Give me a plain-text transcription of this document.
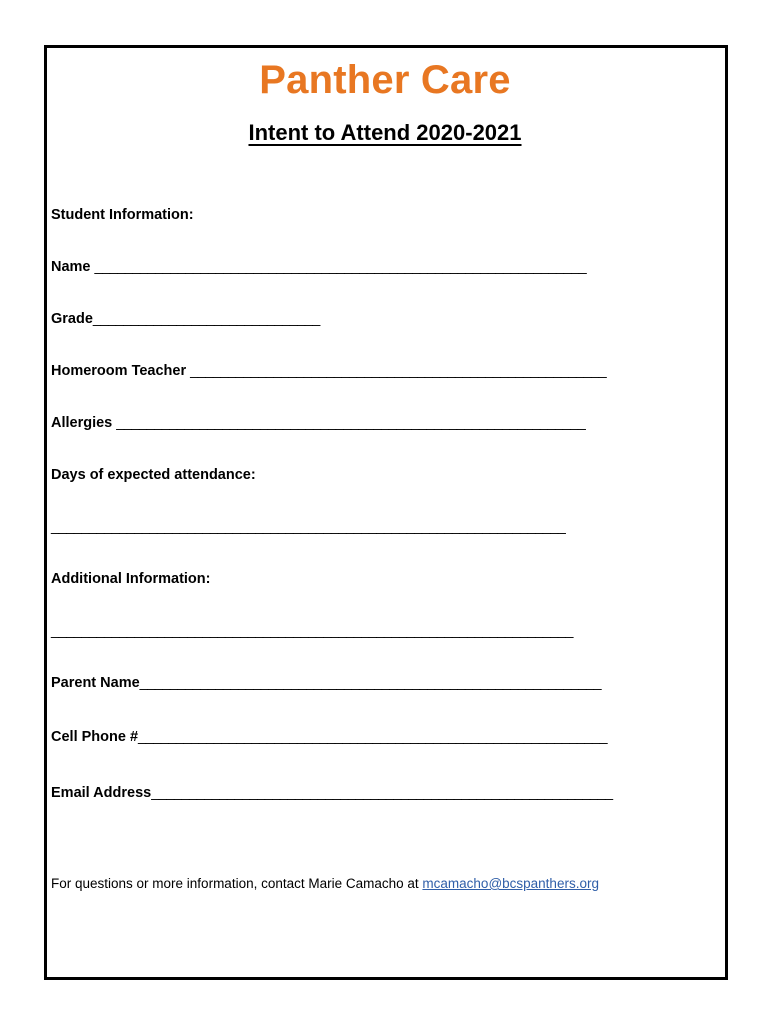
Panther Care
Intent to Attend 2020-2021
Student Information:
Name _________________________________________________________________
Grade______________________________
Homeroom Teacher _______________________________________________________
Allergies ______________________________________________________________
Days of expected attendance:
____________________________________________________________________
Additional Information:
_____________________________________________________________________
Parent Name_____________________________________________________________
Cell Phone #______________________________________________________________
Email Address_____________________________________________________________
For questions or more information, contact Marie Camacho at mcamacho@bcspanthers.org
